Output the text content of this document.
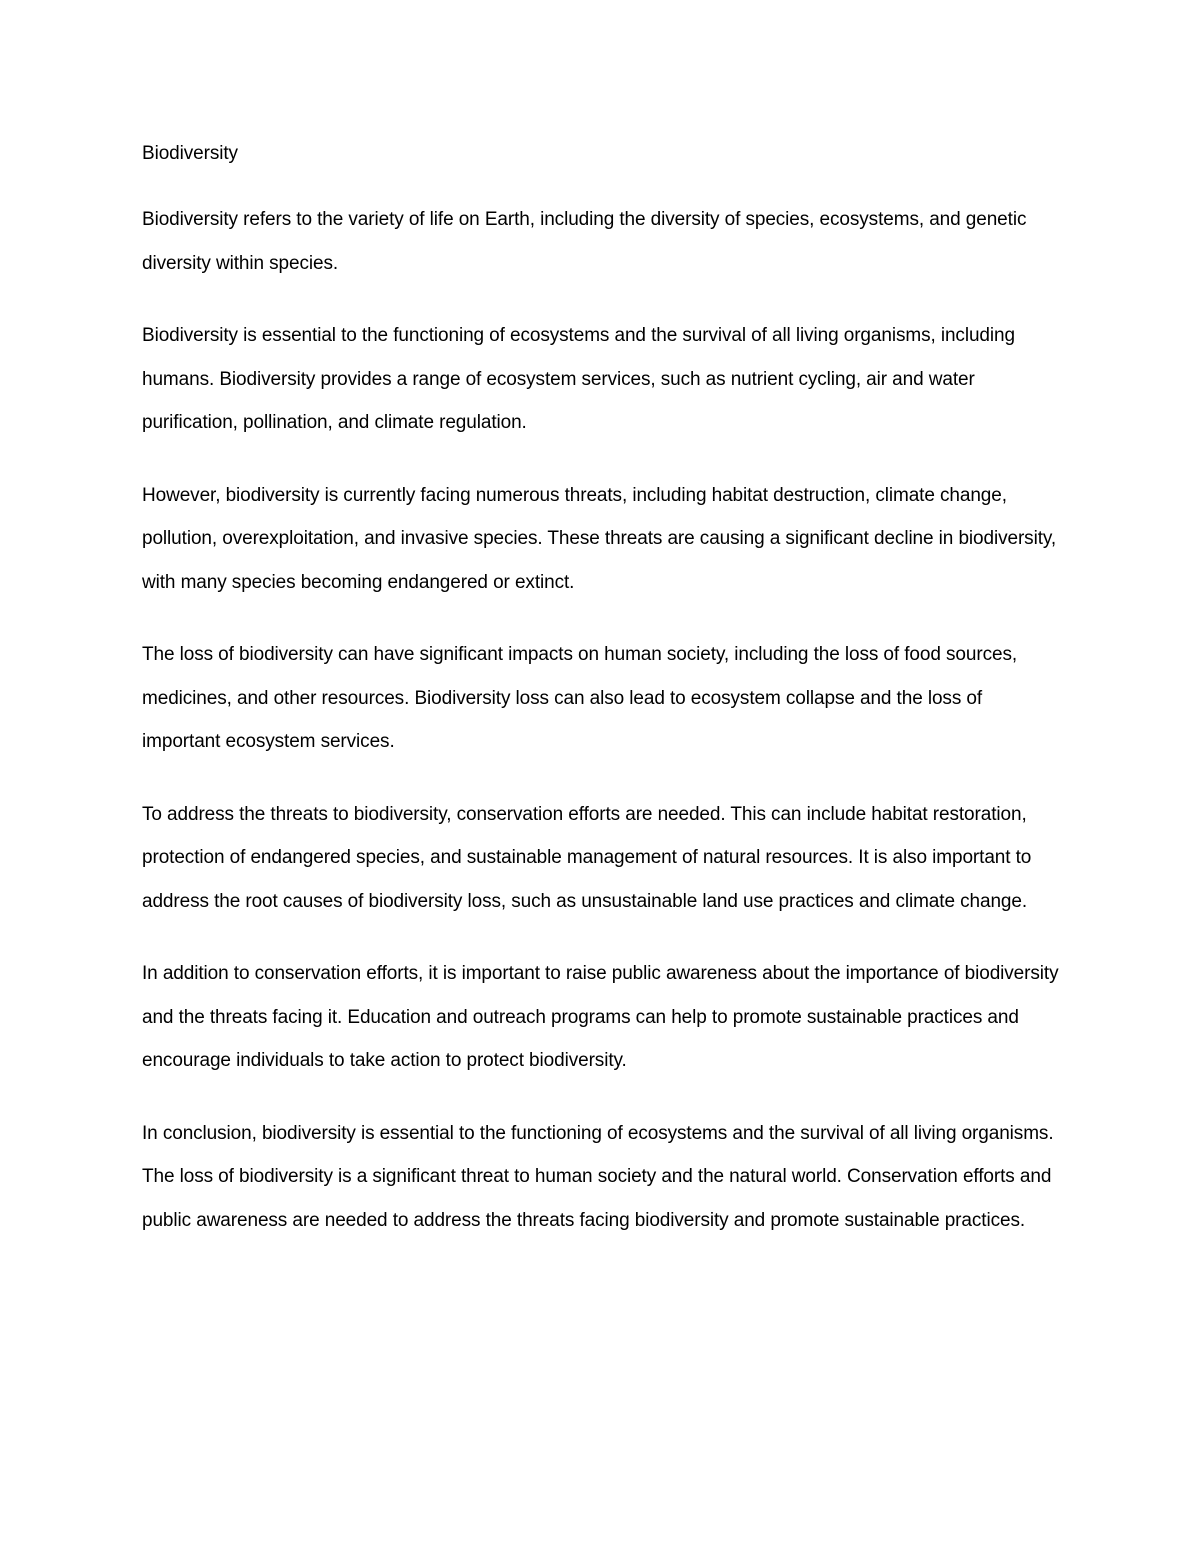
Biodiversity

Biodiversity refers to the variety of life on Earth, including the diversity of species, ecosystems, and genetic diversity within species.

Biodiversity is essential to the functioning of ecosystems and the survival of all living organisms, including humans. Biodiversity provides a range of ecosystem services, such as nutrient cycling, air and water purification, pollination, and climate regulation.

However, biodiversity is currently facing numerous threats, including habitat destruction, climate change, pollution, overexploitation, and invasive species. These threats are causing a significant decline in biodiversity, with many species becoming endangered or extinct.

The loss of biodiversity can have significant impacts on human society, including the loss of food sources, medicines, and other resources. Biodiversity loss can also lead to ecosystem collapse and the loss of important ecosystem services.

To address the threats to biodiversity, conservation efforts are needed. This can include habitat restoration, protection of endangered species, and sustainable management of natural resources. It is also important to address the root causes of biodiversity loss, such as unsustainable land use practices and climate change.

In addition to conservation efforts, it is important to raise public awareness about the importance of biodiversity and the threats facing it. Education and outreach programs can help to promote sustainable practices and encourage individuals to take action to protect biodiversity.

In conclusion, biodiversity is essential to the functioning of ecosystems and the survival of all living organisms. The loss of biodiversity is a significant threat to human society and the natural world. Conservation efforts and public awareness are needed to address the threats facing biodiversity and promote sustainable practices.
